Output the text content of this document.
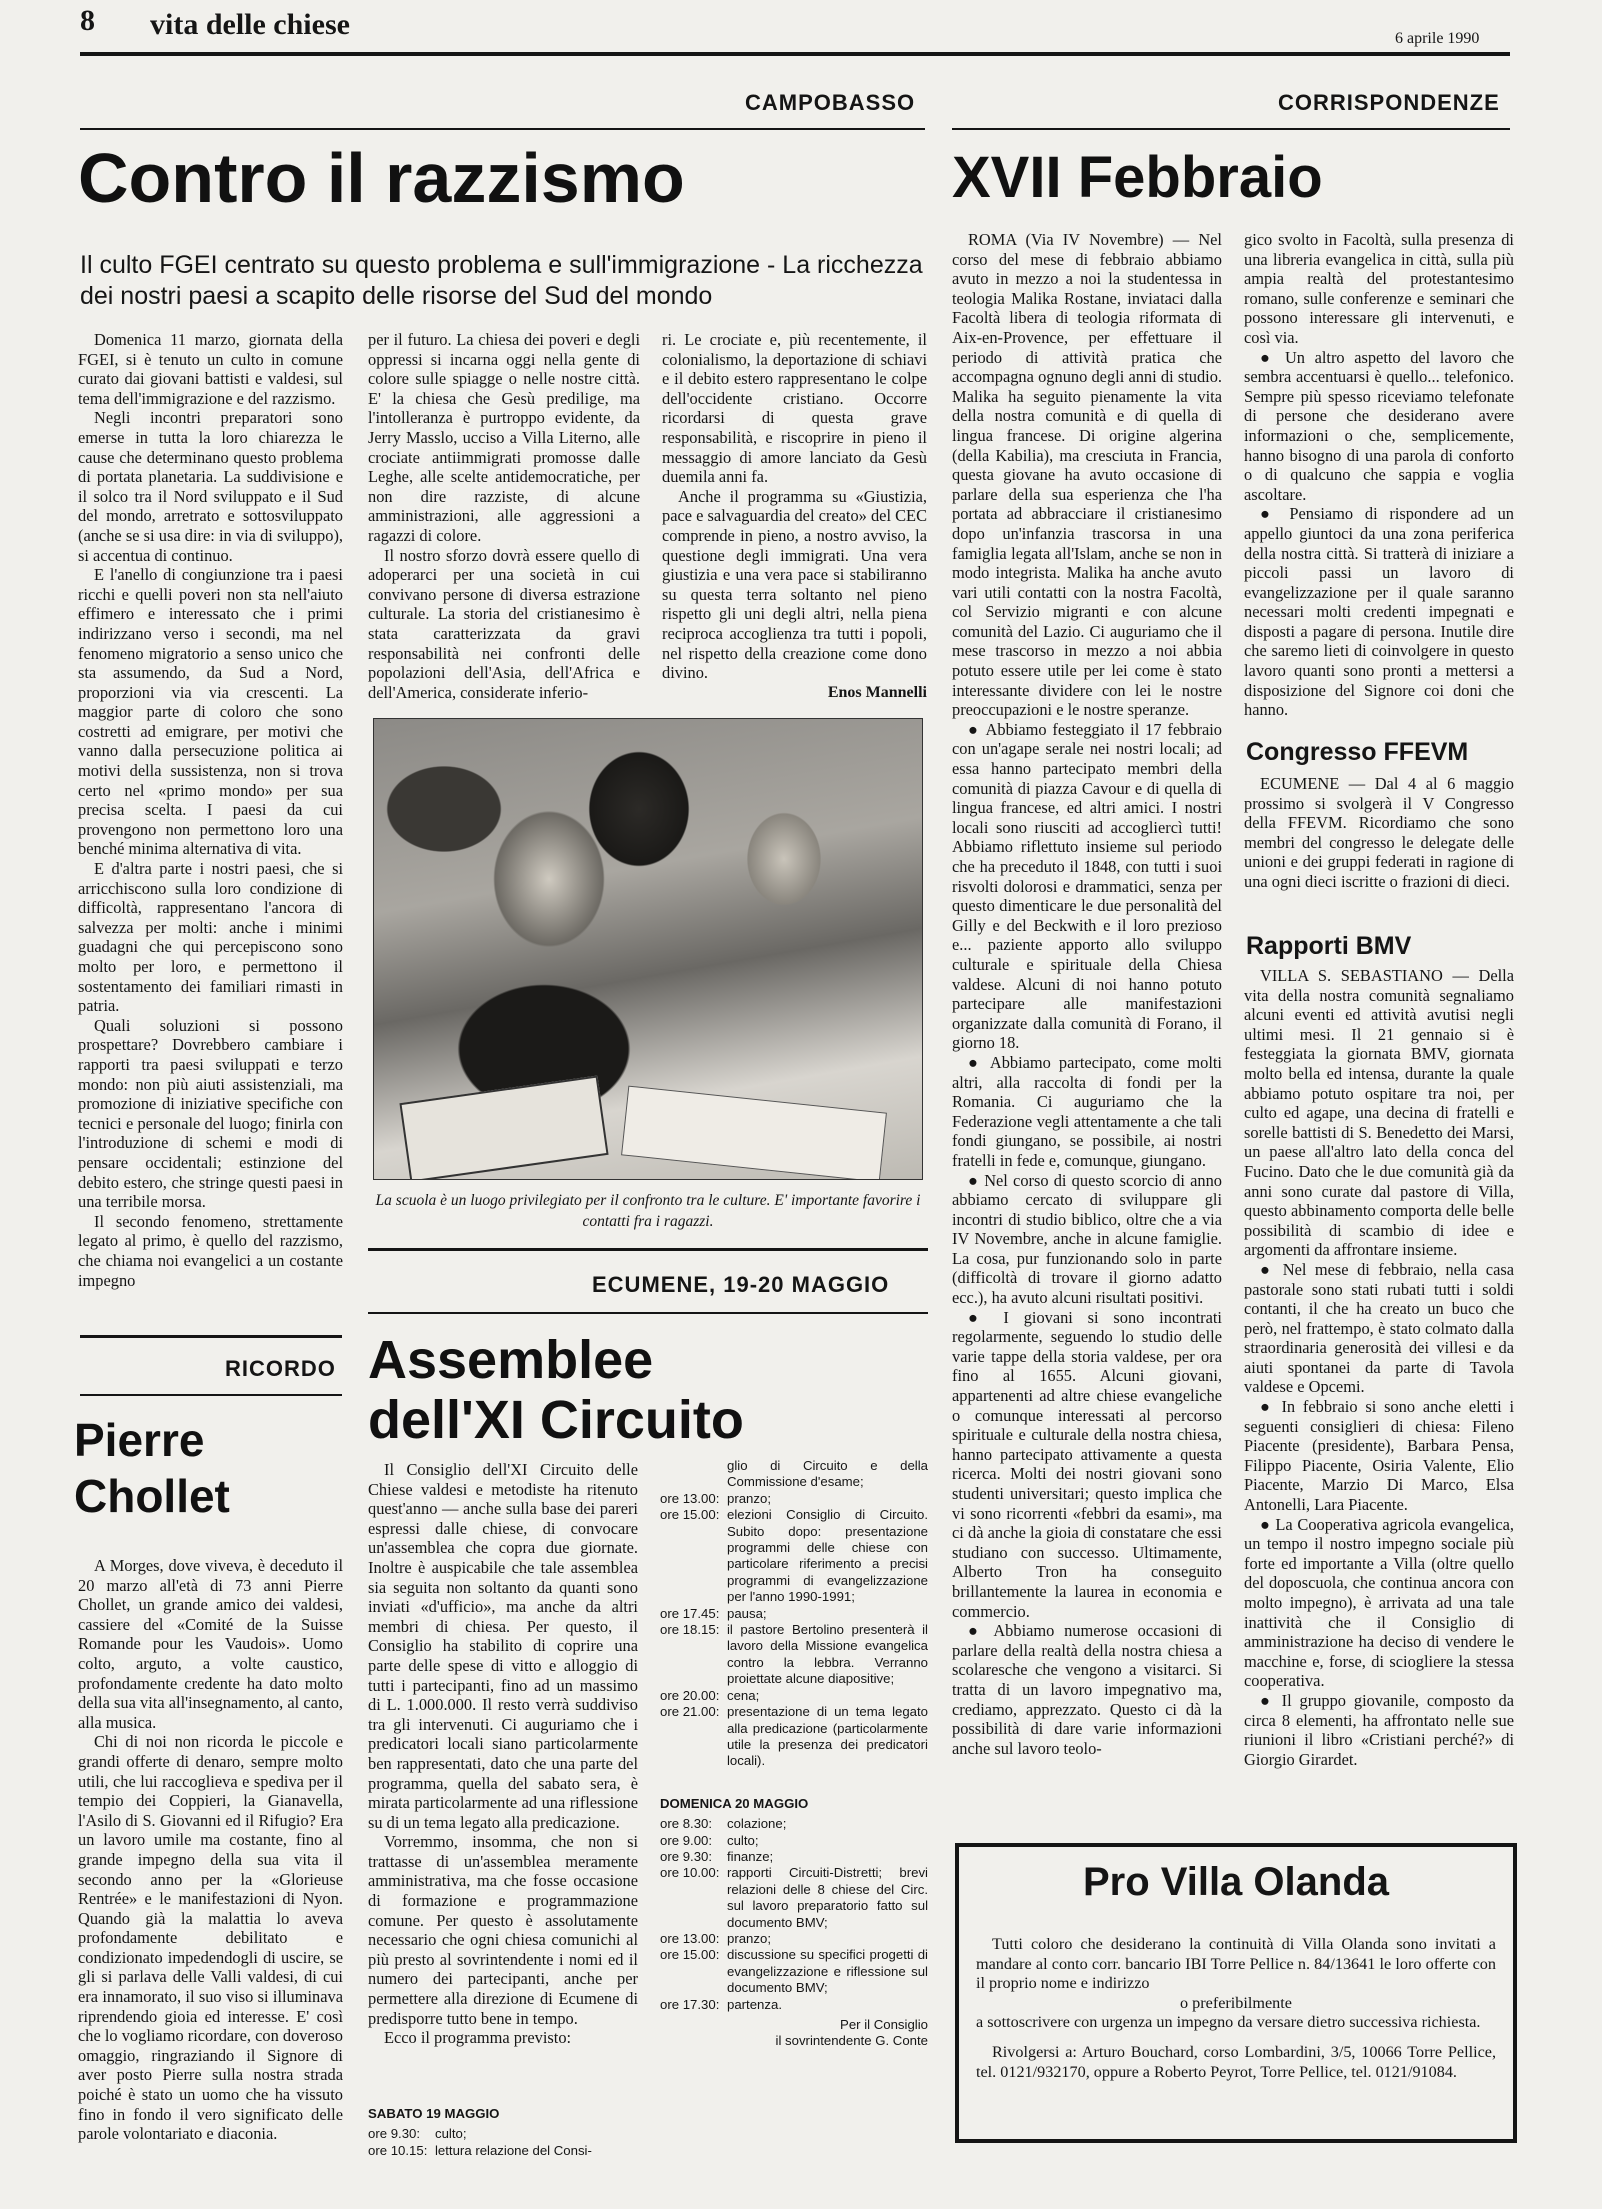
8 vita delle chiese	6 aprile 1990
CAMPOBASSO
Contro il razzismo
Il culto FGEI centrato su questo problema e sull'immigrazione - La ricchezza dei nostri paesi a scapito delle risorse del Sud del mondo

Domenica 11 marzo, giornata della FGEI, si è tenuto un culto in comune curato dai giovani battisti e valdesi, sul tema dell'immigrazione e del razzismo.

Negli incontri preparatori sono emerse in tutta la loro chiarezza le cause che determinano questo problema di portata planetaria. La suddivisione e il solco tra il Nord sviluppato e il Sud del mondo, arretrato e sottosviluppato (anche se si usa dire: in via di sviluppo), si accentua di continuo.

E l'anello di congiunzione tra i paesi ricchi e quelli poveri non sta nell'aiuto effimero e interessato che i primi indirizzano verso i secondi, ma nel fenomeno migratorio a senso unico che sta assumendo, da Sud a Nord, proporzioni via via crescenti. La maggior parte di coloro che sono costretti ad emigrare, per motivi che vanno dalla persecuzione politica ai motivi della sussistenza, non si trova certo nel «primo mondo» per sua precisa scelta. I paesi da cui provengono non permettono loro una benché minima alternativa di vita.

E d'altra parte i nostri paesi, che si arricchiscono sulla loro condizione di difficoltà, rappresentano l'ancora di salvezza per molti: anche i minimi guadagni che qui percepiscono sono molto per loro, e permettono il sostentamento dei familiari rimasti in patria.

Quali soluzioni si possono prospettare? Dovrebbero cambiare i rapporti tra paesi sviluppati e terzo mondo: non più aiuti assistenziali, ma promozione di iniziative specifiche con tecnici e personale del luogo; finirla con l'introduzione di schemi e modi di pensare occidentali; estinzione del debito estero, che stringe questi paesi in una terribile morsa.

Il secondo fenomeno, strettamente legato al primo, è quello del razzismo, che chiama noi evangelici a un costante impegno

per il futuro. La chiesa dei poveri e degli oppressi si incarna oggi nella gente di colore sulle spiagge o nelle nostre città. E' la chiesa che Gesù predilige, ma l'intolleranza è purtroppo evidente, da Jerry Masslo, ucciso a Villa Literno, alle crociate antiimmigrati promosse dalle Leghe, alle scelte antidemocratiche, per non dire razziste, di alcune amministrazioni, alle aggressioni a ragazzi di colore.

Il nostro sforzo dovrà essere quello di adoperarci per una società in cui convivano persone di diversa estrazione culturale. La storia del cristianesimo è stata caratterizzata da gravi responsabilità nei confronti delle popolazioni dell'Asia, dell'Africa e dell'America, considerate inferio-

ri. Le crociate e, più recentemente, il colonialismo, la deportazione di schiavi e il debito estero rappresentano le colpe dell'occidente cristiano. Occorre ricordarsi di questa grave responsabilità, e riscoprire in pieno il messaggio di amore lanciato da Gesù duemila anni fa.

Anche il programma su «Giustizia, pace e salvaguardia del creato» del CEC comprende in pieno, a nostro avviso, la questione degli immigrati. Una vera giustizia e una vera pace si stabiliranno su questa terra soltanto nel pieno rispetto gli uni degli altri, nella piena reciproca accoglienza tra tutti i popoli, nel rispetto della creazione come dono divino.

Enos Mannelli
La scuola è un luogo privilegiato per il confronto tra le culture. E' importante favorire i contatti fra i ragazzi.
RICORDO
Pierre
Chollet

A Morges, dove viveva, è deceduto il 20 marzo all'età di 73 anni Pierre Chollet, un grande amico dei valdesi, cassiere del «Comité de la Suisse Romande pour les Vaudois». Uomo colto, arguto, a volte caustico, profondamente credente ha dato molto della sua vita all'insegnamento, al canto, alla musica.

Chi di noi non ricorda le piccole e grandi offerte di denaro, sempre molto utili, che lui raccoglieva e spediva per il tempio dei Coppieri, la Gianavella, l'Asilo di S. Giovanni ed il Rifugio? Era un lavoro umile ma costante, fino al grande impegno della sua vita il secondo anno per la «Glorieuse Rentrée» e le manifestazioni di Nyon. Quando già la malattia lo aveva profondamente debilitato e condizionato impedendogli di uscire, se gli si parlava delle Valli valdesi, di cui era innamorato, il suo viso si illuminava riprendendo gioia ed interesse. E' così che lo vogliamo ricordare, con doveroso omaggio, ringraziando il Signore di aver posto Pierre sulla nostra strada poiché è stato un uomo che ha vissuto fino in fondo il vero significato delle parole volontariato e diaconia.

ECUMENE, 19-20 MAGGIO
Assemblee
dell'XI Circuito

Il Consiglio dell'XI Circuito delle Chiese valdesi e metodiste ha ritenuto quest'anno — anche sulla base dei pareri espressi dalle chiese, di convocare un'assemblea che copra due giornate. Inoltre è auspicabile che tale assemblea sia seguita non soltanto da quanti sono inviati «d'ufficio», ma anche da altri membri di chiesa. Per questo, il Consiglio ha stabilito di coprire una parte delle spese di vitto e alloggio di tutti i partecipanti, fino ad un massimo di L. 1.000.000. Il resto verrà suddiviso tra gli intervenuti. Ci auguriamo che i predicatori locali siano particolarmente ben rappresentati, dato che una parte del programma, quella del sabato sera, è mirata particolarmente ad una riflessione su di un tema legato alla predicazione.

Vorremmo, insomma, che non si trattasse di un'assemblea meramente amministrativa, ma che fosse occasione di formazione e programmazione comune. Per questo è assolutamente necessario che ogni chiesa comunichi al più presto al sovrintendente i nomi ed il numero dei partecipanti, anche per permettere alla direzione di Ecumene di predisporre tutto bene in tempo.

Ecco il programma previsto:

SABATO 19 MAGGIO
ore 9.30:	culto;
ore 10.15: lettura relazione del Consi-
glio di Circuito e della Commissione d'esame;
ore 13.00: pranzo;
ore 15.00: elezioni Consiglio di Circuito. Subito dopo: presentazione programmi delle chiese con particolare riferimento a precisi programmi di evangelizzazione per l'anno 1990-1991;
ore 17.45: pausa;
ore 18.15: il pastore Bertolino presenterà il lavoro della Missione evangelica contro la lebbra. Verranno proiettate alcune diapositive;
ore 20.00: cena;
ore 21.00: presentazione di un tema legato alla predicazione (particolarmente utile la presenza dei predicatori locali).
DOMENICA 20 MAGGIO
ore 8.30:	colazione;
ore 9.00:	culto;
ore 9.30:	finanze;
ore 10.00: rapporti Circuiti-Distretti; brevi relazioni delle 8 chiese del Circ. sul lavoro preparatorio fatto sul documento BMV;
ore 13.00: pranzo;
ore 15.00: discussione su specifici progetti di evangelizzazione e riflessione sul documento BMV;
ore 17.30: partenza.
Per il Consiglio
il sovrintendente G. Conte
CORRISPONDENZE
XVII Febbraio

ROMA (Via IV Novembre) — Nel corso del mese di febbraio abbiamo avuto in mezzo a noi la studentessa in teologia Malika Rostane, inviataci dalla Facoltà libera di teologia riformata di Aix-en-Provence, per effettuare il periodo di attività pratica che accompagna ognuno degli anni di studio. Malika ha seguito pienamente la vita della nostra comunità e di quella di lingua francese. Di origine algerina (della Kabilia), ma cresciuta in Francia, questa giovane ha avuto occasione di parlare della sua esperienza che l'ha portata ad abbracciare il cristianesimo dopo un'infanzia trascorsa in una famiglia legata all'Islam, anche se non in modo integrista. Malika ha anche avuto vari utili contatti con la nostra Facoltà, col Servizio migranti e con alcune comunità del Lazio. Ci auguriamo che il mese trascorso in mezzo a noi abbia potuto essere utile per lei come è stato interessante dividere con lei le nostre preoccupazioni e le nostre speranze.

● Abbiamo festeggiato il 17 febbraio con un'agape serale nei nostri locali; ad essa hanno partecipato membri della comunità di piazza Cavour e di quella di lingua francese, ed altri amici. I nostri locali sono riusciti ad accogliercì tutti! Abbiamo riflettuto insieme sul periodo che ha preceduto il 1848, con tutti i suoi risvolti dolorosi e drammatici, senza per questo dimenticare le due personalità del Gilly e del Beckwith e il loro prezioso e... paziente apporto allo sviluppo culturale e spirituale della Chiesa valdese. Alcuni di noi hanno potuto partecipare alle manifestazioni organizzate dalla comunità di Forano, il giorno 18.

● Abbiamo partecipato, come molti altri, alla raccolta di fondi per la Romania. Ci auguriamo che la Federazione vegli attentamente a che tali fondi giungano, se possibile, ai nostri fratelli in fede e, comunque, giungano.

● Nel corso di questo scorcio di anno abbiamo cercato di sviluppare gli incontri di studio biblico, oltre che a via IV Novembre, anche in alcune famiglie. La cosa, pur funzionando solo in parte (difficoltà di trovare il giorno adatto ecc.), ha avuto alcuni risultati positivi.

● I giovani si sono incontrati regolarmente, seguendo lo studio delle varie tappe della storia valdese, per ora fino al 1655. Alcuni giovani, appartenenti ad altre chiese evangeliche o comunque interessati al percorso spirituale e culturale della nostra chiesa, hanno partecipato attivamente a questa ricerca. Molti dei nostri giovani sono studenti universitari; questo implica che vi sono ricorrenti «febbri da esami», ma ci dà anche la gioia di constatare che essi studiano con successo. Ultimamente, Alberto Tron ha conseguito brillantemente la laurea in economia e commercio.

● Abbiamo numerose occasioni di parlare della realtà della nostra chiesa a scolaresche che vengono a visitarci. Si tratta di un lavoro impegnativo ma, crediamo, apprezzato. Questo ci dà la possibilità di dare varie informazioni anche sul lavoro teolo-

gico svolto in Facoltà, sulla presenza di una libreria evangelica in città, sulla più ampia realtà del protestantesimo romano, sulle conferenze e seminari che possono interessare gli intervenuti, e così via.

● Un altro aspetto del lavoro che sembra accentuarsi è quello... telefonico. Sempre più spesso riceviamo telefonate di persone che desiderano avere informazioni o che, semplicemente, hanno bisogno di una parola di conforto o di qualcuno che sappia e voglia ascoltare.

● Pensiamo di rispondere ad un appello giuntoci da una zona periferica della nostra città. Si tratterà di iniziare a piccoli passi un lavoro di evangelizzazione per il quale saranno necessari molti credenti impegnati e disposti a pagare di persona. Inutile dire che saremo lieti di coinvolgere in questo lavoro quanti sono pronti a mettersi a disposizione del Signore coi doni che hanno.

Congresso FFEVM

ECUMENE — Dal 4 al 6 maggio prossimo si svolgerà il V Congresso della FFEVM. Ricordiamo che sono membri del congresso le delegate delle unioni e dei gruppi federati in ragione di una ogni dieci iscritte o frazioni di dieci.

Rapporti BMV

VILLA S. SEBASTIANO — Della vita della nostra comunità segnaliamo alcuni eventi ed attività avutisi negli ultimi mesi. Il 21 gennaio si è festeggiata la giornata BMV, giornata molto bella ed intensa, durante la quale abbiamo potuto ospitare tra noi, per culto ed agape, una decina di fratelli e sorelle battisti di S. Benedetto dei Marsi, un paese all'altro lato della conca del Fucino. Dato che le due comunità già da anni sono curate dal pastore di Villa, questo abbinamento comporta delle belle possibilità di scambio di idee e argomenti da affrontare insieme.

● Nel mese di febbraio, nella casa pastorale sono stati rubati tutti i soldi contanti, il che ha creato un buco che però, nel frattempo, è stato colmato dalla straordinaria generosità dei villesi e da aiuti spontanei da parte di Tavola valdese e Opcemi.

● In febbraio si sono anche eletti i seguenti consiglieri di chiesa: Fileno Piacente (presidente), Barbara Pensa, Filippo Piacente, Osiria Valente, Elio Piacente, Marzio Di Marco, Elsa Antonelli, Lara Piacente.

● La Cooperativa agricola evangelica, un tempo il nostro impegno sociale più forte ed importante a Villa (oltre quello del doposcuola, che continua ancora con molto impegno), è arrivata ad una tale inattività che il Consiglio di amministrazione ha deciso di vendere le macchine e, forse, di sciogliere la stessa cooperativa.

● Il gruppo giovanile, composto da circa 8 elementi, ha affrontato nelle sue riunioni il libro «Cristiani perché?» di Giorgio Girardet.

Pro Villa Olanda

Tutti coloro che desiderano la continuità di Villa Olanda sono invitati a mandare al conto corr. bancario IBI Torre Pellice n. 84/13641 le loro offerte con il proprio nome e indirizzo

o preferibilmente

a sottoscrivere con urgenza un impegno da versare dietro successiva richiesta.

Rivolgersi a: Arturo Bouchard, corso Lombardini, 3/5, 10066 Torre Pellice, tel. 0121/932170, oppure a Roberto Peyrot, Torre Pellice, tel. 0121/91084.
